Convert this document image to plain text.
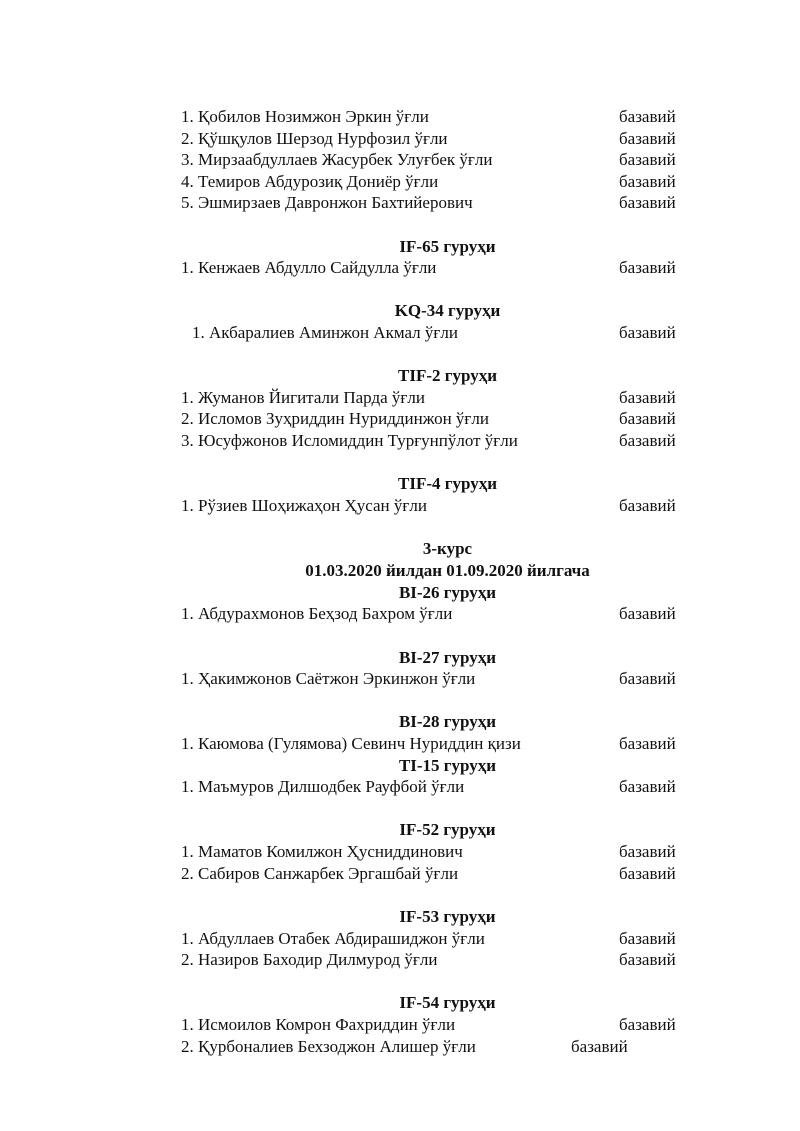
1. Қобилов Нозимжон Эркин ўғли	базавий
2. Қўшқулов Шерзод Нурфозил ўғли	базавий
3. Мирзаабдуллаев Жасурбек Улуғбек ўғли	базавий
4. Темиров Абдурозиқ Дониёр ўғли	базавий
5. Эшмирзаев Давронжон Бахтийерович	базавий
IF-65 гуруҳи
1. Кенжаев Абдулло Сайдулла ўғли	базавий
KQ-34 гуруҳи
1. Акбаралиев Аминжон Акмал ўғли	базавий
TIF-2 гуруҳи
1. Жуманов Йигитали Парда ўғли	базавий
2. Исломов Зуҳриддин Нуриддинжон ўғли	базавий
3. Юсуфжонов Исломиддин Турғунпўлот ўғли	базавий
TIF-4 гуруҳи
1. Рўзиев Шоҳижаҳон Ҳусан ўғли	базавий
3-курс
01.03.2020 йилдан 01.09.2020 йилгача
BI-26 гуруҳи
1. Абдурахмонов Беҳзод Бахром ўғли	базавий
BI-27 гуруҳи
1. Ҳакимжонов Саётжон Эркинжон ўғли	базавий
BI-28 гуруҳи
1. Каюмова (Гулямова) Севинч Нуриддин қизи	базавий
TI-15 гуруҳи
1. Маъмуров Дилшодбек Рауфбой ўғли	базавий
IF-52 гуруҳи
1. Маматов Комилжон Ҳусниддинович	базавий
2. Сабиров Санжарбек Эргашбай ўғли	базавий
IF-53 гуруҳи
1. Абдуллаев Отабек Абдирашиджон ўғли	базавий
2. Назиров Баходир Дилмурод ўғли	базавий
IF-54 гуруҳи
1. Исмоилов Комрон Фахриддин ўғли	базавий
2. Қурбоналиев Бехзоджон Алишер ўғли	базавий
